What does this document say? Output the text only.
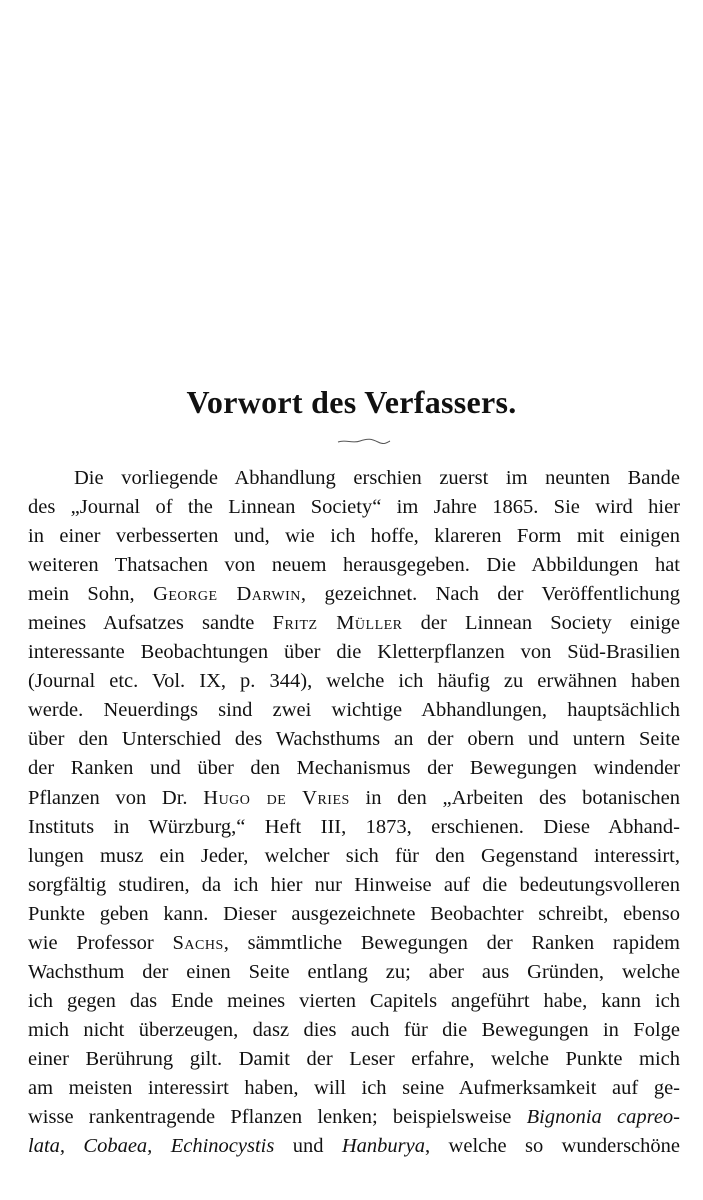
Vorwort des Verfassers.
Die vorliegende Abhandlung erschien zuerst im neunten Bande
des „Journal of the Linnean Society“ im Jahre 1865. Sie wird hier
in einer verbesserten und, wie ich hoffe, klareren Form mit einigen
weiteren Thatsachen von neuem herausgegeben. Die Abbildungen hat
mein Sohn, George Darwin, gezeichnet. Nach der Veröffentlichung
meines Aufsatzes sandte Fritz Müller der Linnean Society einige
interessante Beobachtungen über die Kletterpflanzen von Süd-Brasilien
(Journal etc. Vol. IX, p. 344), welche ich häufig zu erwähnen haben
werde. Neuerdings sind zwei wichtige Abhandlungen, hauptsächlich
über den Unterschied des Wachsthums an der obern und untern Seite
der Ranken und über den Mechanismus der Bewegungen windender
Pflanzen von Dr. Hugo de Vries in den „Arbeiten des botanischen
Instituts in Würzburg,“ Heft III, 1873, erschienen. Diese Abhand-
lungen musz ein Jeder, welcher sich für den Gegenstand interessirt,
sorgfältig studiren, da ich hier nur Hinweise auf die bedeutungsvolleren
Punkte geben kann. Dieser ausgezeichnete Beobachter schreibt, ebenso
wie Professor Sachs, sämmtliche Bewegungen der Ranken rapidem
Wachsthum der einen Seite entlang zu; aber aus Gründen, welche
ich gegen das Ende meines vierten Capitels angeführt habe, kann ich
mich nicht überzeugen, dasz dies auch für die Bewegungen in Folge
einer Berührung gilt. Damit der Leser erfahre, welche Punkte mich
am meisten interessirt haben, will ich seine Aufmerksamkeit auf ge-
wisse rankentragende Pflanzen lenken; beispielsweise Bignonia capreo-
lata, Cobaea, Echinocystis und Hanburya, welche so wunderschöne
